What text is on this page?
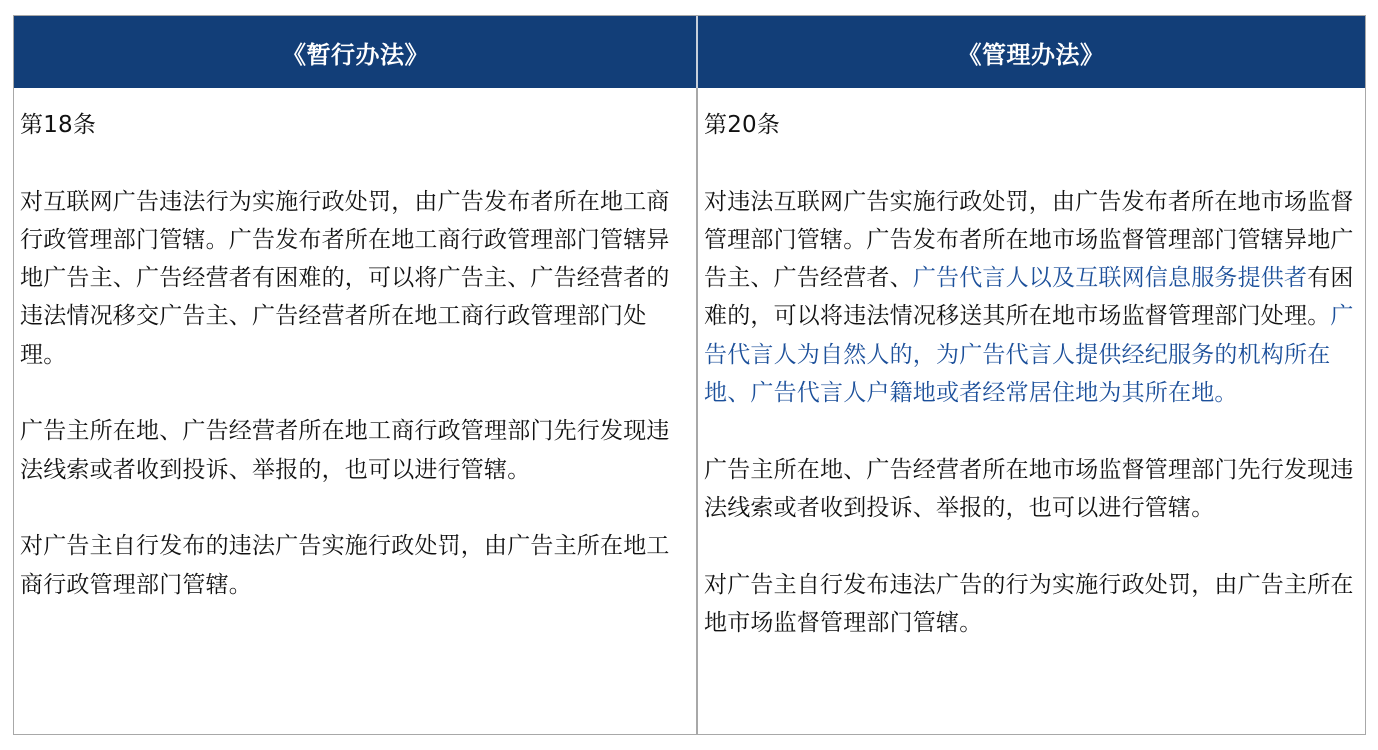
《暂行办法》	《管理办法》

第18条

对互联网广告违法行为实施行政处罚，由广告发布者所在地工商行政管理部门管辖。广告发布者所在地工商行政管理部门管辖异地广告主、广告经营者有困难的，可以将广告主、广告经营者的违法情况移交广告主、广告经营者所在地工商行政管理部门处理。

广告主所在地、广告经营者所在地工商行政管理部门先行发现违法线索或者收到投诉、举报的，也可以进行管辖。

对广告主自行发布的违法广告实施行政处罚，由广告主所在地工商行政管理部门管辖。

第20条

对违法互联网广告实施行政处罚，由广告发布者所在地市场监督管理部门管辖。广告发布者所在地市场监督管理部门管辖异地广告主、广告经营者、广告代言人以及互联网信息服务提供者有困难的，可以将违法情况移送其所在地市场监督管理部门处理。广告代言人为自然人的，为广告代言人提供经纪服务的机构所在地、广告代言人户籍地或者经常居住地为其所在地。

广告主所在地、广告经营者所在地市场监督管理部门先行发现违法线索或者收到投诉、举报的，也可以进行管辖。

对广告主自行发布违法广告的行为实施行政处罚，由广告主所在地市场监督管理部门管辖。
